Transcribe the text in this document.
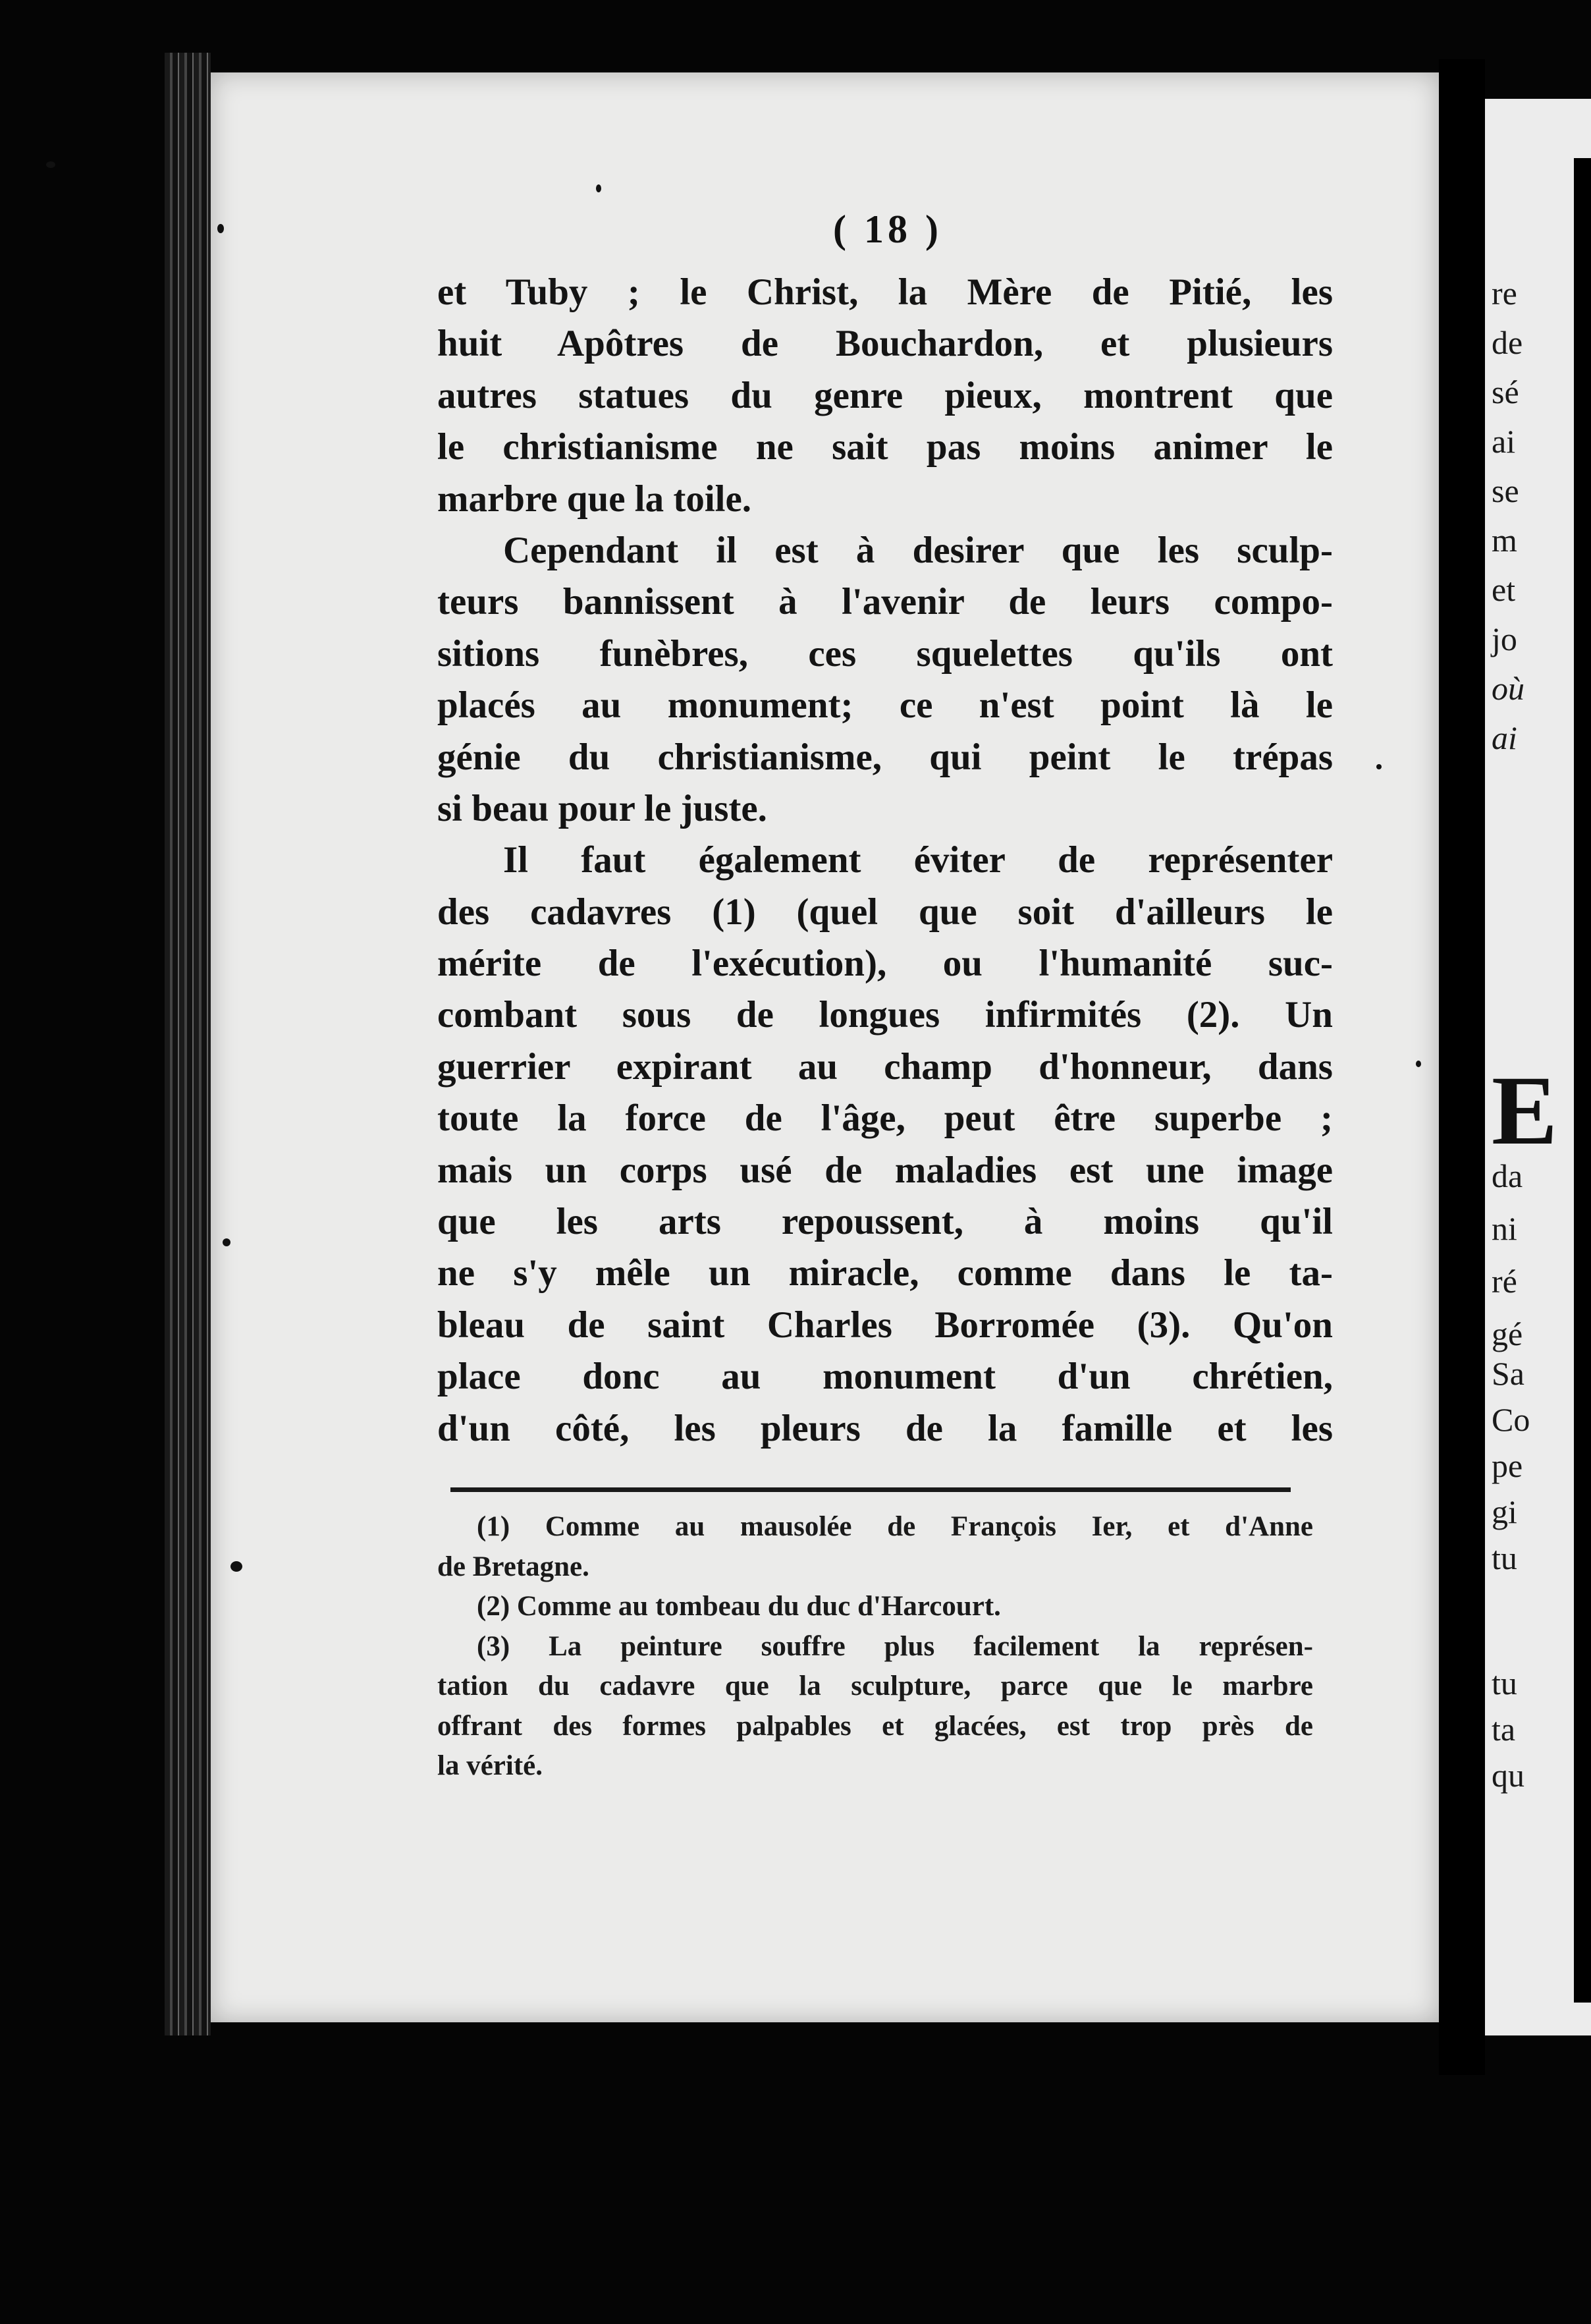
( 18 )
et Tuby ; le Christ, la Mère de Pitié, les
huit Apôtres de Bouchardon, et plusieurs
autres statues du genre pieux, montrent que
le christianisme ne sait pas moins animer le
marbre que la toile.
Cependant il est à desirer que les sculp-
teurs bannissent à l'avenir de leurs compo-
sitions funèbres, ces squelettes qu'ils ont
placés au monument; ce n'est point là le
génie du christianisme, qui peint le trépas
si beau pour le juste.
Il faut également éviter de représenter
des cadavres (1) (quel que soit d'ailleurs le
mérite de l'exécution), ou l'humanité suc-
combant sous de longues infirmités (2). Un
guerrier expirant au champ d'honneur, dans
toute la force de l'âge, peut être superbe ;
mais un corps usé de maladies est une image
que les arts repoussent, à moins qu'il
ne s'y mêle un miracle, comme dans le ta-
bleau de saint Charles Borromée (3). Qu'on
place donc au monument d'un chrétien,
d'un côté, les pleurs de la famille et les
(1) Comme au mausolée de François Ier, et d'Anne
de Bretagne.
(2) Comme au tombeau du duc d'Harcourt.
(3) La peinture souffre plus facilement la représen-
tation du cadavre que la sculpture, parce que le marbre
offrant des formes palpables et glacées, est trop près de
la vérité.
re
de
sé
ai
se
m
et
jo
où
ai
E
da
ni
ré
gé
Sa
Co
pe
gi
tu
tu
ta
qu
